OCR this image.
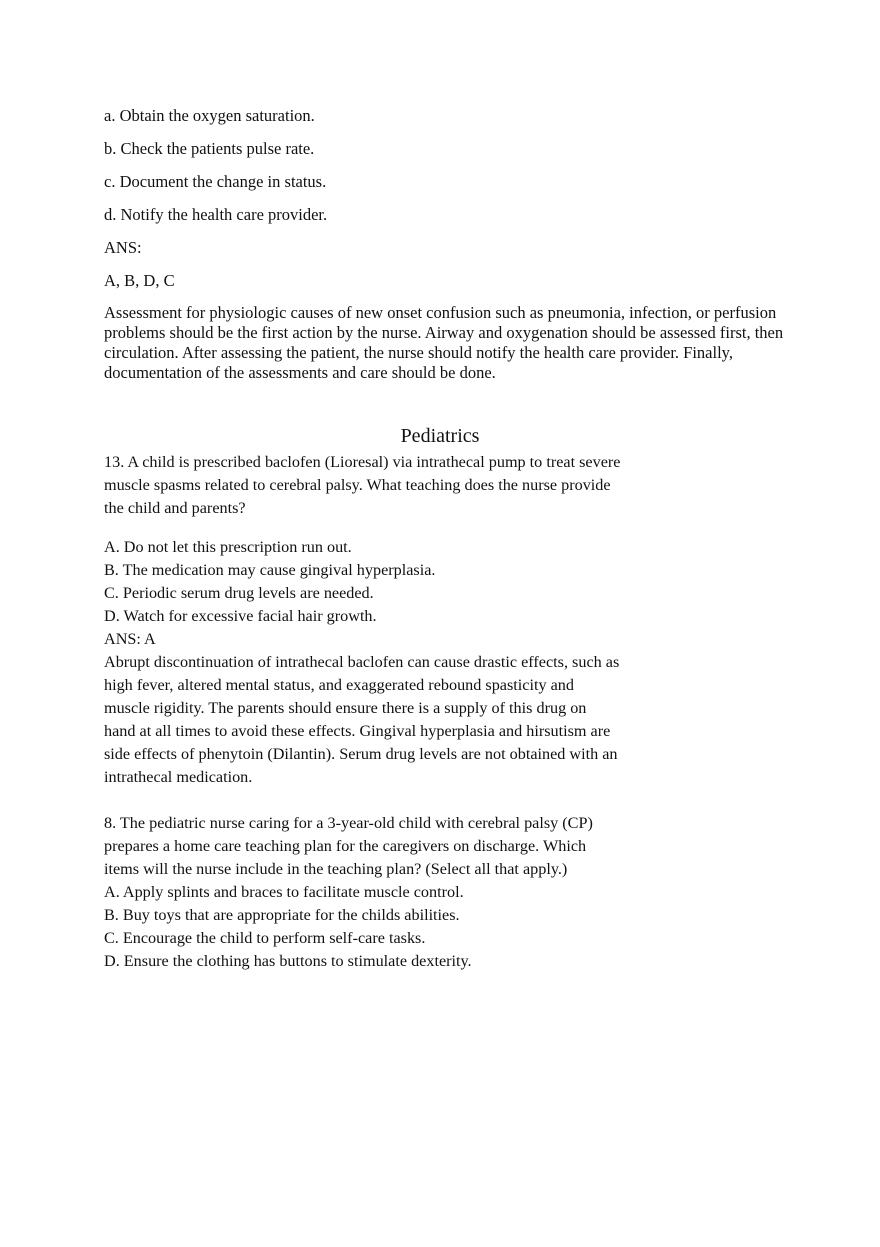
a. Obtain the oxygen saturation.

b. Check the patients pulse rate.

c. Document the change in status.

d. Notify the health care provider.

ANS:

A, B, D, C

Assessment for physiologic causes of new onset confusion such as pneumonia, infection, or perfusion problems should be the first action by the nurse. Airway and oxygenation should be assessed first, then circulation. After assessing the patient, the nurse should notify the health care provider. Finally, documentation of the assessments and care should be done.

Pediatrics
13. A child is prescribed baclofen (Lioresal) via intrathecal pump to treat severe
muscle spasms related to cerebral palsy. What teaching does the nurse provide
the child and parents?
A. Do not let this prescription run out.
B. The medication may cause gingival hyperplasia.
C. Periodic serum drug levels are needed.
D. Watch for excessive facial hair growth.
ANS: A
Abrupt discontinuation of intrathecal baclofen can cause drastic effects, such as
high fever, altered mental status, and exaggerated rebound spasticity and
muscle rigidity. The parents should ensure there is a supply of this drug on
hand at all times to avoid these effects. Gingival hyperplasia and hirsutism are
side effects of phenytoin (Dilantin). Serum drug levels are not obtained with an
intrathecal medication.
8. The pediatric nurse caring for a 3-year-old child with cerebral palsy (CP)
prepares a home care teaching plan for the caregivers on discharge. Which
items will the nurse include in the teaching plan? (Select all that apply.)
A. Apply splints and braces to facilitate muscle control.
B. Buy toys that are appropriate for the childs abilities.
C. Encourage the child to perform self-care tasks.
D. Ensure the clothing has buttons to stimulate dexterity.
